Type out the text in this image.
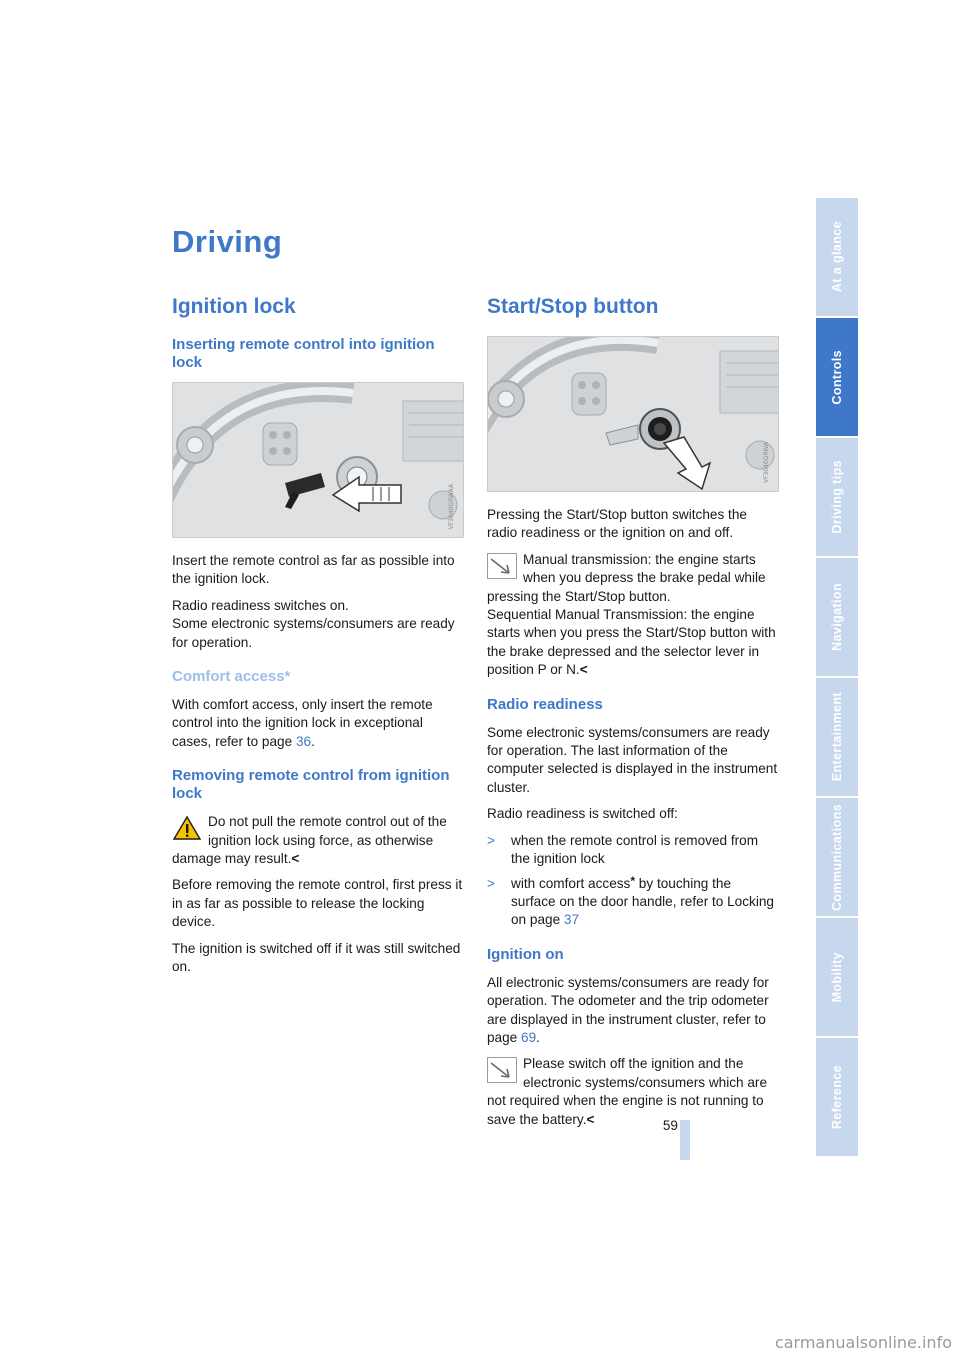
Driving
Ignition lock
Inserting remote control into ignition lock
VF3040GRWAA

Insert the remote control as far as possible into the ignition lock.

Radio readiness switches on.
Some electronic systems/consumers are ready for operation.

Comfort access*

With comfort access, only insert the remote control into the ignition lock in exceptional cases, refer to page 36.

Removing remote control from ignition lock
Do not pull the remote control out of the ignition lock using force, as otherwise
damage may result.<

Before removing the remote control, first press it in as far as possible to release the locking device.

The ignition is switched off if it was still switched on.

Start/Stop button
VF3040GRWA

Pressing the Start/Stop button switches the radio readiness or the ignition on and off.

Manual transmission: the engine starts when you depress the brake pedal while
pressing the Start/Stop button.
Sequential Manual Transmission: the engine starts when you press the Start/Stop button with the brake depressed and the selector lever in position P or N.<
Radio readiness

Some electronic systems/consumers are ready for operation. The last information of the computer selected is displayed in the instrument cluster.

Radio readiness is switched off:

> when the remote control is removed from the ignition lock
> with comfort access* by touching the surface on the door handle, refer to Locking on page 37
Ignition on

All electronic systems/consumers are ready for operation. The odometer and the trip odometer are displayed in the instrument cluster, refer to page 69.

Please switch off the ignition and the electronic systems/consumers which are
not required when the engine is not running to save the battery.<
At a glance
Controls
Driving tips
Navigation
Entertainment
Communications
Mobility
Reference
59
carmanualsonline.info
